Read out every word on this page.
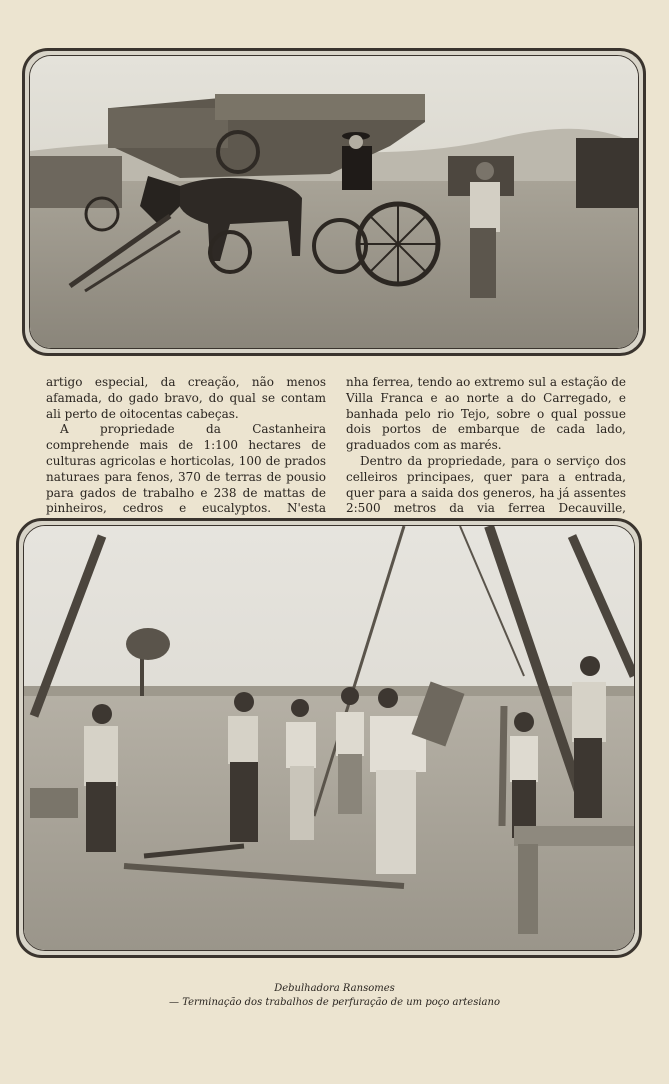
artigo especial, da creação, não menos afamada, do gado bravo, do qual se contam ali perto de oitocentas cabeças.

A propriedade da Castanheira comprehende mais de 1:100 hectares de culturas agricolas e horticolas, 100 de prados naturaes para fenos, 370 de terras de pousio para gados de trabalho e 238 de mattas de pinheiros, cedros e eucalyptos. N'esta

nha ferrea, tendo ao extremo sul a estação de Villa Franca e ao norte a do Carregado, e banhada pelo rio Tejo, sobre o qual possue dois portos de embarque de cada lado, graduados com as marés.

Dentro da propriedade, para o serviço dos celleiros principaes, quer para a entrada, quer para a saida dos generos, ha já assentes 2:500 metros da via ferrea Decauville,

Debulhadora Ransomes
— Terminação dos trabalhos de perfuração de um poço artesiano
